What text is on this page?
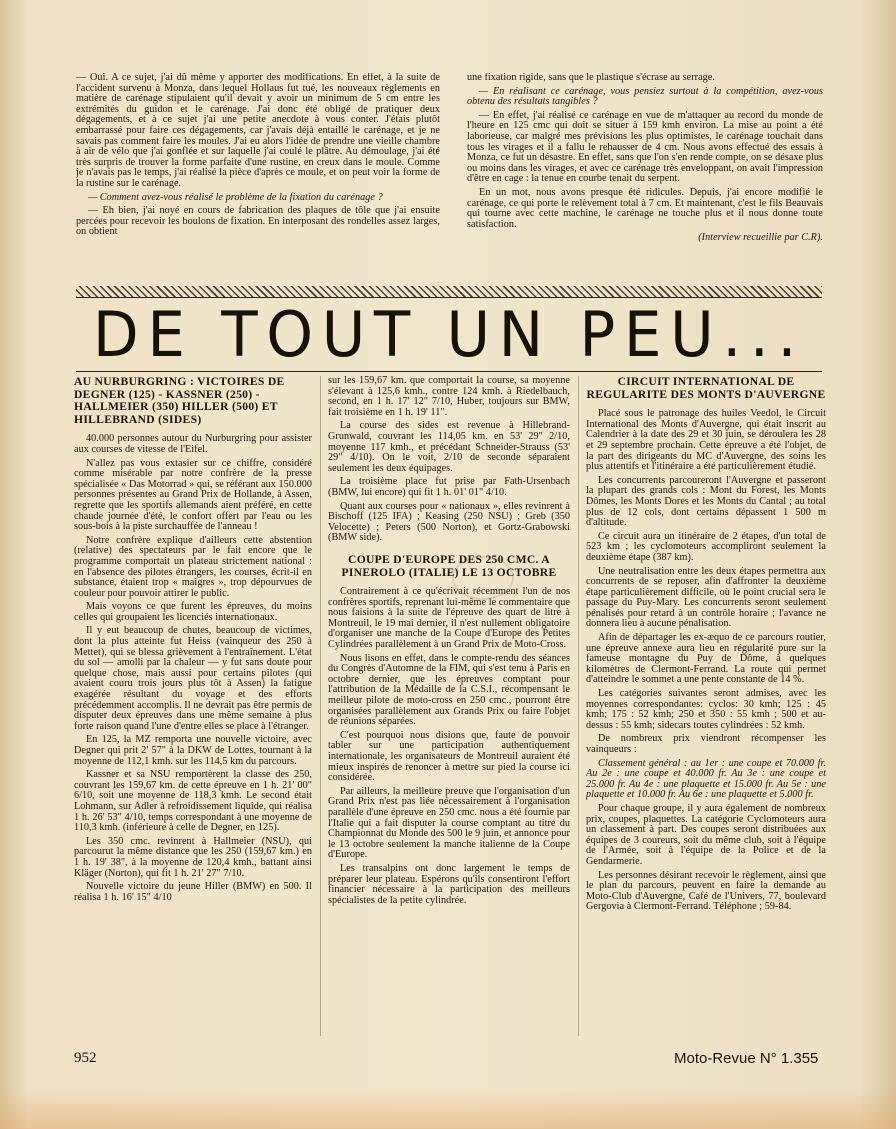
— Oui. A ce sujet, j'ai dû même y apporter des modifications. En effet, à la suite de l'accident survenu à Monza, dans lequel Hollaus fut tué, les nouveaux règlements en matière de carénage stipulaient qu'il devait y avoir un minimum de 5 cm entre les extrémités du guidon et le carénage. J'ai donc été obligé de pratiquer deux dégagements, et à ce sujet j'ai une petite anecdote à vous conter. J'étais plutôt embarrassé pour faire ces dégagements, car j'avais déjà entaillé le carénage, et je ne savais pas comment faire les moules. J'ai eu alors l'idée de prendre une vieille chambre à air de vélo que j'ai gonflée et sur laquelle j'ai coulé le plâtre. Au démoulage, j'ai été très surpris de trouver la forme parfaite d'une rustine, en creux dans le moule. Comme je n'avais pas le temps, j'ai réalisé la pièce d'après ce moule, et on peut voir la forme de la rustine sur le carénage.

— Comment avez-vous réalisé le problème de la fixation du carénage ?

— Eh bien, j'ai noyé en cours de fabrication des plaques de tôle que j'ai ensuite percées pour recevoir les boulons de fixation. En interposant des rondelles assez larges, on obtient

une fixation rigide, sans que le plastique s'écrase au serrage.

— En réalisant ce carénage, vous pensiez surtout à la compétition, avez-vous obtenu des résultats tangibles ?

— En effet, j'ai réalisé ce carénage en vue de m'attaquer au record du monde de l'heure en 125 cmc qui doit se situer à 159 kmh environ. La mise au point a été laborieuse, car malgré mes prévisions les plus optimistes, le carénage touchait dans tous les virages et il a fallu le rehausser de 4 cm. Nous avons effectué des essais à Monza, ce fut un désastre. En effet, sans que l'on s'en rende compte, on se désaxe plus ou moins dans les virages, et avec ce carénage très enveloppant, on avait l'impression d'être en cage : la tenue en courbe tenait du serpent.

En un mot, nous avons presque été ridicules. Depuis, j'ai encore modifié le carénage, ce qui porte le relèvement total à 7 cm. Et maintenant, c'est le fils Beauvais qui tourne avec cette machine, le carénage ne touche plus et il nous donne toute satisfaction.

(Interview recueillie par C.R).

DE TOUT UN PEU...
AU NURBURGRING : VICTOIRES DE DEGNER (125) - KASSNER (250) - HALLMEIER (350) HILLER (500) ET HILLEBRAND (SIDES)

40.000 personnes autour du Nurburgring pour assister aux courses de vitesse de l'Eifel.

N'allez pas vous extasier sur ce chiffre, considéré comme misérable par notre confrère de la presse spécialisée « Das Motorrad » qui, se référant aux 150.000 personnes présentes au Grand Prix de Hollande, à Assen, regrette que les sportifs allemands aient préféré, en cette chaude journée d'été, le confort offert par l'eau ou les sous-bois à la piste surchauffée de l'anneau !

Notre confrère explique d'ailleurs cette abstention (relative) des spectateurs par le fait encore que le programme comportait un plateau strictement national : en l'absence des pilotes étrangers, les courses, écrit-il en substance, étaient trop « maigres », trop dépourvues de couleur pour pouvoir attirer le public.

Mais voyons ce que furent les épreuves, du moins celles qui groupaient les licenciés internationaux.

Il y eut beaucoup de chutes, beaucoup de victimes, dont la plus atteinte fut Heiss (vainqueur des 250 à Mettet), qui se blessa grièvement à l'entraînement. L'état du sol — amolli par la chaleur — y fut sans doute pour quelque chose, mais aussi pour certains pilotes (qui avaient couru trois jours plus tôt à Assen) la fatigue exagérée résultant du voyage et des efforts précédemment accomplis. Il ne devrait pas être permis de disputer deux épreuves dans une même semaine à plus forte raison quand l'une d'entre elles se place à l'étranger.

En 125, la MZ remporta une nouvelle victoire, avec Degner qui prit 2' 57" à la DKW de Lottes, tournant à la moyenne de 112,1 kmh. sur les 114,5 km du parcours.

Kassner et sa NSU remportèrent la classe des 250, couvrant les 159,67 km. de cette épreuve en 1 h. 21' 00" 6/10, soit une moyenne de 118,3 kmh. Le second était Lohmann, sur Adler à refroidissement liquide, qui réalisa 1 h. 26' 53" 4/10, temps correspondant à une moyenne de 110,3 kmh. (inférieure à celle de Degner, en 125).

Les 350 cmc. revinrent à Hallmeier (NSU), qui parcourut la même distance que les 250 (159,67 km.) en 1 h. 19' 38", à la moyenne de 120,4 kmh., battant ainsi Kläger (Norton), qui fit 1 h. 21' 27" 7/10.

Nouvelle victoire du jeune Hiller (BMW) en 500. Il réalisa 1 h. 16' 15" 4/10

sur les 159,67 km. que comportait la course, sa moyenne s'élevant à 125,6 kmh., contre 124 kmh. à Riedelbauch, second, en 1 h. 17' 12" 7/10, Huber, toujours sur BMW, fait troisième en 1 h. 19' 11".

La course des sides est revenue à Hillebrand-Grunwald, couvrant les 114,05 km. en 53' 29" 2/10, moyenne 117 kmh., et précédant Schneider-Strauss (53' 29" 4/10). On le voit, 2/10 de seconde séparaient seulement les deux équipages.

La troisième place fut prise par Fath-Ursenbach (BMW, lui encore) qui fit 1 h. 01' 01" 4/10.

Quant aux courses pour « nationaux », elles revinrent à Bischoff (125 IFA) ; Keasing (250 NSU) ; Greb (350 Velocette) ; Peters (500 Norton), et Gortz-Grabowski (BMW side).

COUPE D'EUROPE DES 250 CMC. A PINEROLO (ITALIE) LE 13 OCTOBRE

Contrairement à ce qu'écrivait récemment l'un de nos confrères sportifs, reprenant lui-même le commentaire que nous faisions à la suite de l'épreuve des quart de litre à Montreuil, le 19 mai dernier, il n'est nullement obligatoire d'organiser une manche de la Coupe d'Europe des Petites Cylindrées parallèlement à un Grand Prix de Moto-Cross.

Nous lisons en effet, dans le compte-rendu des séances du Congrès d'Automne de la FIM, qui s'est tenu à Paris en octobre dernier, que les épreuves comptant pour l'attribution de la Médaille de la C.S.I., récompensant le meilleur pilote de moto-cross en 250 cmc., pourront être organisées parallèlement aux Grands Prix ou faire l'objet de réunions séparées.

C'est pourquoi nous disions que, faute de pouvoir tabler sur une participation authentiquement internationale, les organisateurs de Montreuil auraient été mieux inspirés de renoncer à mettre sur pied la course ici considérée.

Par ailleurs, la meilleure preuve que l'organisation d'un Grand Prix n'est pas liée nécessairement à l'organisation parallèle d'une épreuve en 250 cmc. nous a été fournie par l'Italie qui a fait disputer la course comptant au titre du Championnat du Monde des 500 le 9 juin, et annonce pour le 13 octobre seulement la manche italienne de la Coupe d'Europe.

Les transalpins ont donc largement le temps de préparer leur plateau. Espérons qu'ils consentiront l'effort financier nécessaire à la participation des meilleurs spécialistes de la petite cylindrée.

CIRCUIT INTERNATIONAL DE REGULARITE DES MONTS D'AUVERGNE

Placé sous le patronage des huiles Veedol, le Circuit International des Monts d'Auvergne, qui était inscrit au Calendrier à la date des 29 et 30 juin, se déroulera les 28 et 29 septembre prochain. Cette épreuve a été l'objet, de la part des dirigeants du MC d'Auvergne, des soins les plus attentifs et l'itinéraire a été particulièrement étudié.

Les concurrents parcoureront l'Auvergne et passeront la plupart des grands cols : Mont du Forest, les Monts Dômes, les Monts Dores et les Monts du Cantal ; au total plus de 12 cols, dont certains dépassent 1 500 m d'altitude.

Ce circuit aura un itinéraire de 2 étapes, d'un total de 523 km ; les cyclomoteurs accompliront seulement la deuxième étape (387 km).

Une neutralisation entre les deux étapes permettra aux concurrents de se reposer, afin d'affronter la deuxième étape particulièrement difficile, où le point crucial sera le passage du Puy-Mary. Les concurrents seront seulement pénalisés pour retard à un contrôle horaire ; l'avance ne donnera lieu à aucune pénalisation.

Afin de départager les ex-æquo de ce parcours routier, une épreuve annexe aura lieu en régularité pure sur la fameuse montagne du Puy de Dôme, à quelques kilomètres de Clermont-Ferrand. La route qui permet d'atteindre le sommet a une pente constante de 14 %.

Les catégories suivantes seront admises, avec les moyennes correspondantes: cyclos: 30 kmh; 125 : 45 kmh; 175 : 52 kmh; 250 et 350 : 55 kmh ; 500 et au-dessus : 55 kmh; sidecars toutes cylindrées : 52 kmh.

De nombreux prix viendront récompenser les vainqueurs :

Classement général : au 1er : une coupe et 70.000 fr. Au 2e : une coupe et 40.000 fr. Au 3e : une coupe et 25.000 fr. Au 4e : une plaquette et 15.000 fr. Au 5e : une plaquette et 10.000 fr. Au 6e : une plaquette et 5.000 fr.

Pour chaque groupe, il y aura également de nombreux prix, coupes, plaquettes. La catégorie Cyclomoteurs aura un classement à part. Des coupes seront distribuées aux équipes de 3 coureurs, soit du même club, soit à l'équipe de l'Armée, soit à l'équipe de la Police et de la Gendarmerie.

Les personnes désirant recevoir le règlement, ainsi que le plan du parcours, peuvent en faire la demande au Moto-Club d'Auvergne, Café de l'Univers, 77, boulevard Gergovia à Clermont-Ferrand. Téléphone ; 59-84.

952	Moto-Revue N° 1.355
